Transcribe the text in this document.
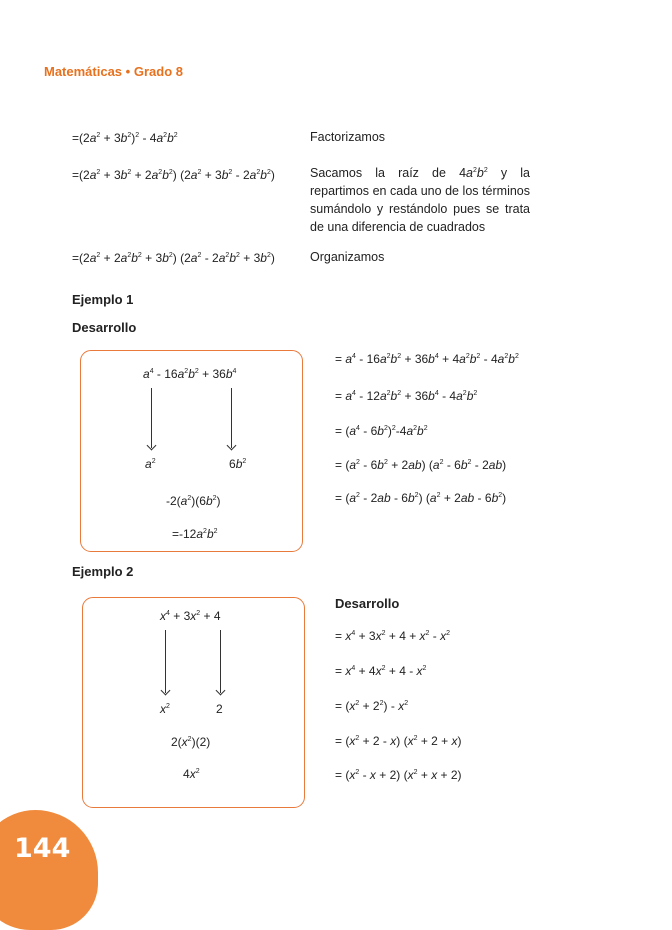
Matemáticas • Grado 8
$=(2a^2 + 3b^2)^2 - 4a^2b^2$
$=(2a^2 + 3b^2 + 2a^2b^2) (2a^2 + 3b^2 - 2a^2b^2)$
$=(2a^2 + 2a^2b^2 + 3b^2)$ $(2a^2 - 2a^2b^2 + 3b^2)$
Factorizamos
Sacamos la raíz de $4a^2b^2$ y la repartimos en cada uno de los términos sumándolo y restándolo pues se trata de una diferencia de cuadrados
Organizamos
Ejemplo 1
Desarrollo
$a^4 - 16a^2b^2 + 36b^4$
$a^2$	$6b^2$
$-2(a^2)(6b^2)$
$=-12a^2b^2$
= $a^4 - 16a^2b^2 + 36b^4 + 4a^2b^2 - 4a^2b^2$
= $a^4 - 12a^2b^2 + 36b^4 - 4a^2b^2$
= $(a^4 - 6b^2)^2-4a^2b^2$
= $(a^2 - 6b^2 + 2ab)$ $(a^2 - 6b^2 - 2ab)$
= $(a^2 - 2ab - 6b^2) (a^2 + 2ab - 6b^2)$
Ejemplo 2
$x^4 + 3x^2 + 4$
$x^2$	2
$2(x^2)(2)$
$4x^2$
Desarrollo
= $x^4 + 3x^2 + 4 + x^2 - x^2$
= $x^4 + 4x^2 + 4 - x^2$
= $(x^2 + 2^2) - x^2$
= $(x^2 + 2 - x) (x^2 + 2 + x)$
= $(x^2 - x + 2) (x^2 + x + 2)$
144
